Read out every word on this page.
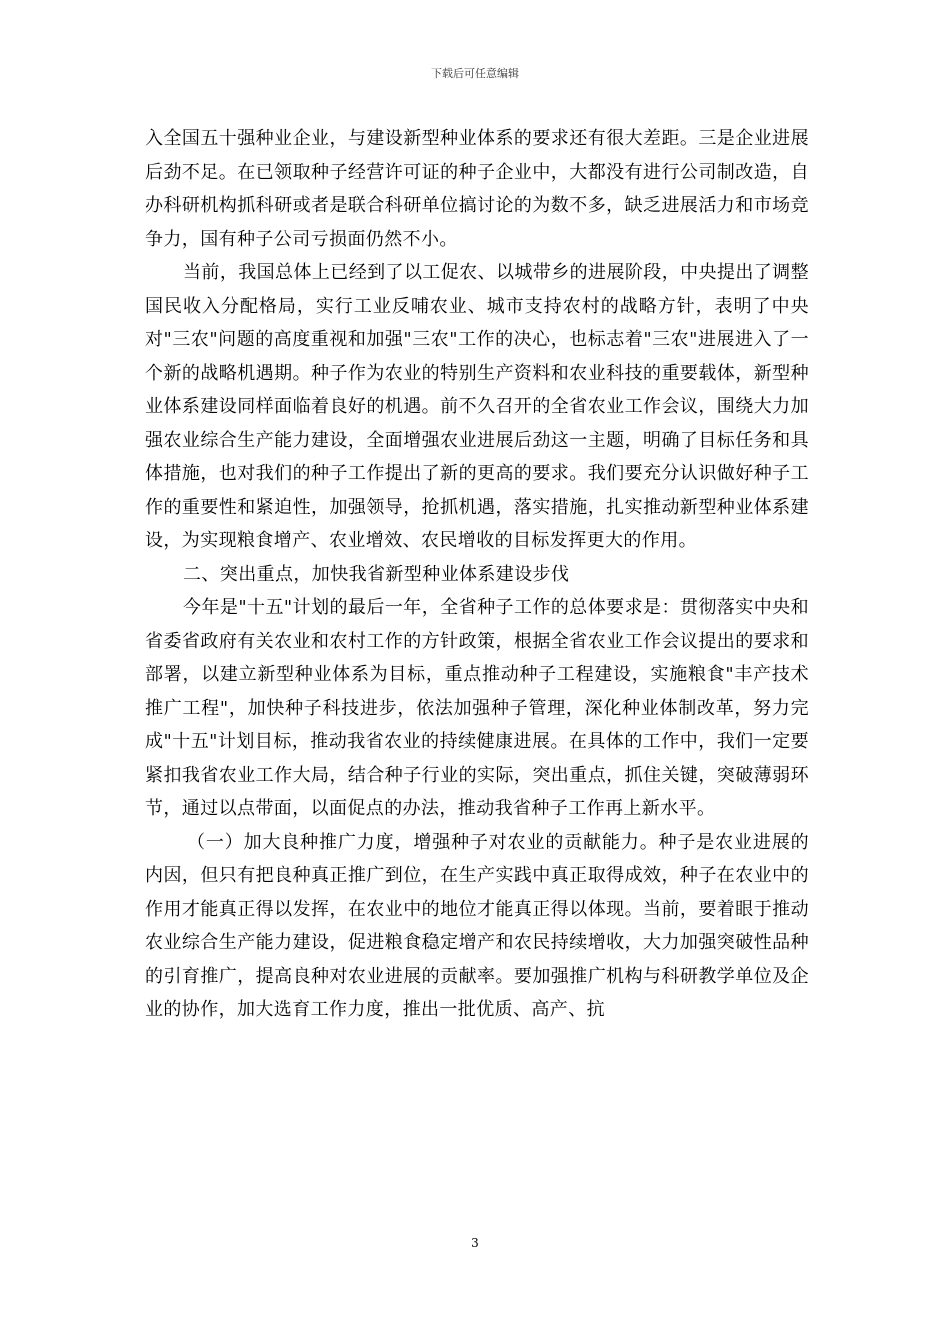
下载后可任意编辑

入全国五十强种业企业，与建设新型种业体系的要求还有很大差距。三是企业进展后劲不足。在已领取种子经营许可证的种子企业中，大都没有进行公司制改造，自办科研机构抓科研或者是联合科研单位搞讨论的为数不多，缺乏进展活力和市场竞争力，国有种子公司亏损面仍然不小。

当前，我国总体上已经到了以工促农、以城带乡的进展阶段，中央提出了调整国民收入分配格局，实行工业反哺农业、城市支持农村的战略方针，表明了中央对"三农"问题的高度重视和加强"三农"工作的决心，也标志着"三农"进展进入了一个新的战略机遇期。种子作为农业的特别生产资料和农业科技的重要载体，新型种业体系建设同样面临着良好的机遇。前不久召开的全省农业工作会议，围绕大力加强农业综合生产能力建设，全面增强农业进展后劲这一主题，明确了目标任务和具体措施，也对我们的种子工作提出了新的更高的要求。我们要充分认识做好种子工作的重要性和紧迫性，加强领导，抢抓机遇，落实措施，扎实推动新型种业体系建设，为实现粮食增产、农业增效、农民增收的目标发挥更大的作用。

二、突出重点，加快我省新型种业体系建设步伐

今年是"十五"计划的最后一年，全省种子工作的总体要求是：贯彻落实中央和省委省政府有关农业和农村工作的方针政策，根据全省农业工作会议提出的要求和部署，以建立新型种业体系为目标，重点推动种子工程建设，实施粮食"丰产技术推广工程"，加快种子科技进步，依法加强种子管理，深化种业体制改革，努力完成"十五"计划目标，推动我省农业的持续健康进展。在具体的工作中，我们一定要紧扣我省农业工作大局，结合种子行业的实际，突出重点，抓住关键，突破薄弱环节，通过以点带面，以面促点的办法，推动我省种子工作再上新水平。

（一）加大良种推广力度，增强种子对农业的贡献能力。种子是农业进展的内因，但只有把良种真正推广到位，在生产实践中真正取得成效，种子在农业中的作用才能真正得以发挥，在农业中的地位才能真正得以体现。当前，要着眼于推动农业综合生产能力建设，促进粮食稳定增产和农民持续增收，大力加强突破性品种的引育推广，提高良种对农业进展的贡献率。要加强推广机构与科研教学单位及企业的协作，加大选育工作力度，推出一批优质、高产、抗

3
